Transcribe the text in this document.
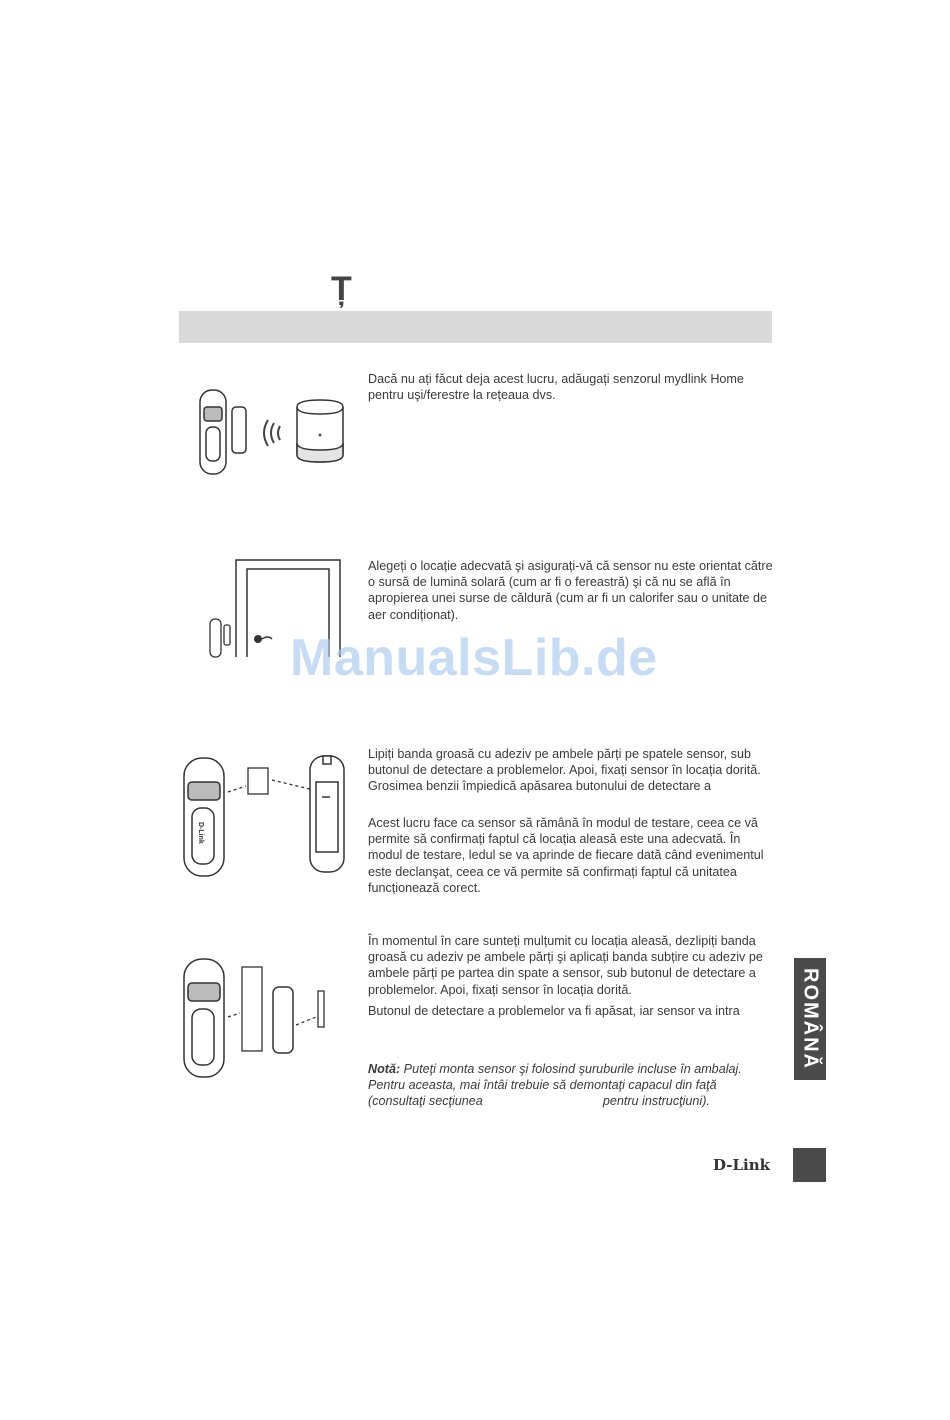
Ț

Dacă nu ați făcut deja acest lucru, adăugați senzorul mydlink Home pentru uşi/ferestre la rețeaua dvs.

Alegeți o locație adecvată şi asigurați-vă că sensor nu este orientat către o sursă de lumină solară (cum ar fi o fereastră) şi că nu se află în apropierea unei surse de căldură (cum ar fi un calorifer sau o unitate de aer condiționat).

ManualsLib.de
D-Link

Lipiți banda groasă cu adeziv pe ambele părți pe spatele sensor, sub butonul de detectare a problemelor. Apoi, fixați sensor în locația dorită. Grosimea benzii împiedică apăsarea butonului de detectare a

Acest lucru face ca sensor să rămână în modul de testare, ceea ce vă permite să confirmați faptul că locația aleasă este una adecvată. În modul de testare, ledul se va aprinde de fiecare dată când evenimentul este declanşat, ceea ce vă permite să confirmați faptul că unitatea funcționează corect.

În momentul în care sunteți mulțumit cu locația aleasă, dezlipiți banda groasă cu adeziv pe ambele părți şi aplicați banda subțire cu adeziv pe ambele părți pe partea din spate a sensor, sub butonul de detectare a problemelor. Apoi, fixați sensor în locația dorită.

Butonul de detectare a problemelor va fi apăsat, iar sensor va intra

Notă: Puteţi monta sensor şi folosind şuruburile incluse în ambalaj. Pentru aceasta, mai întâi trebuie să demontaţi capacul din faţă (consultaţi secţiunea	pentru instrucţiuni).

ROMÂNĂ
D-Link
